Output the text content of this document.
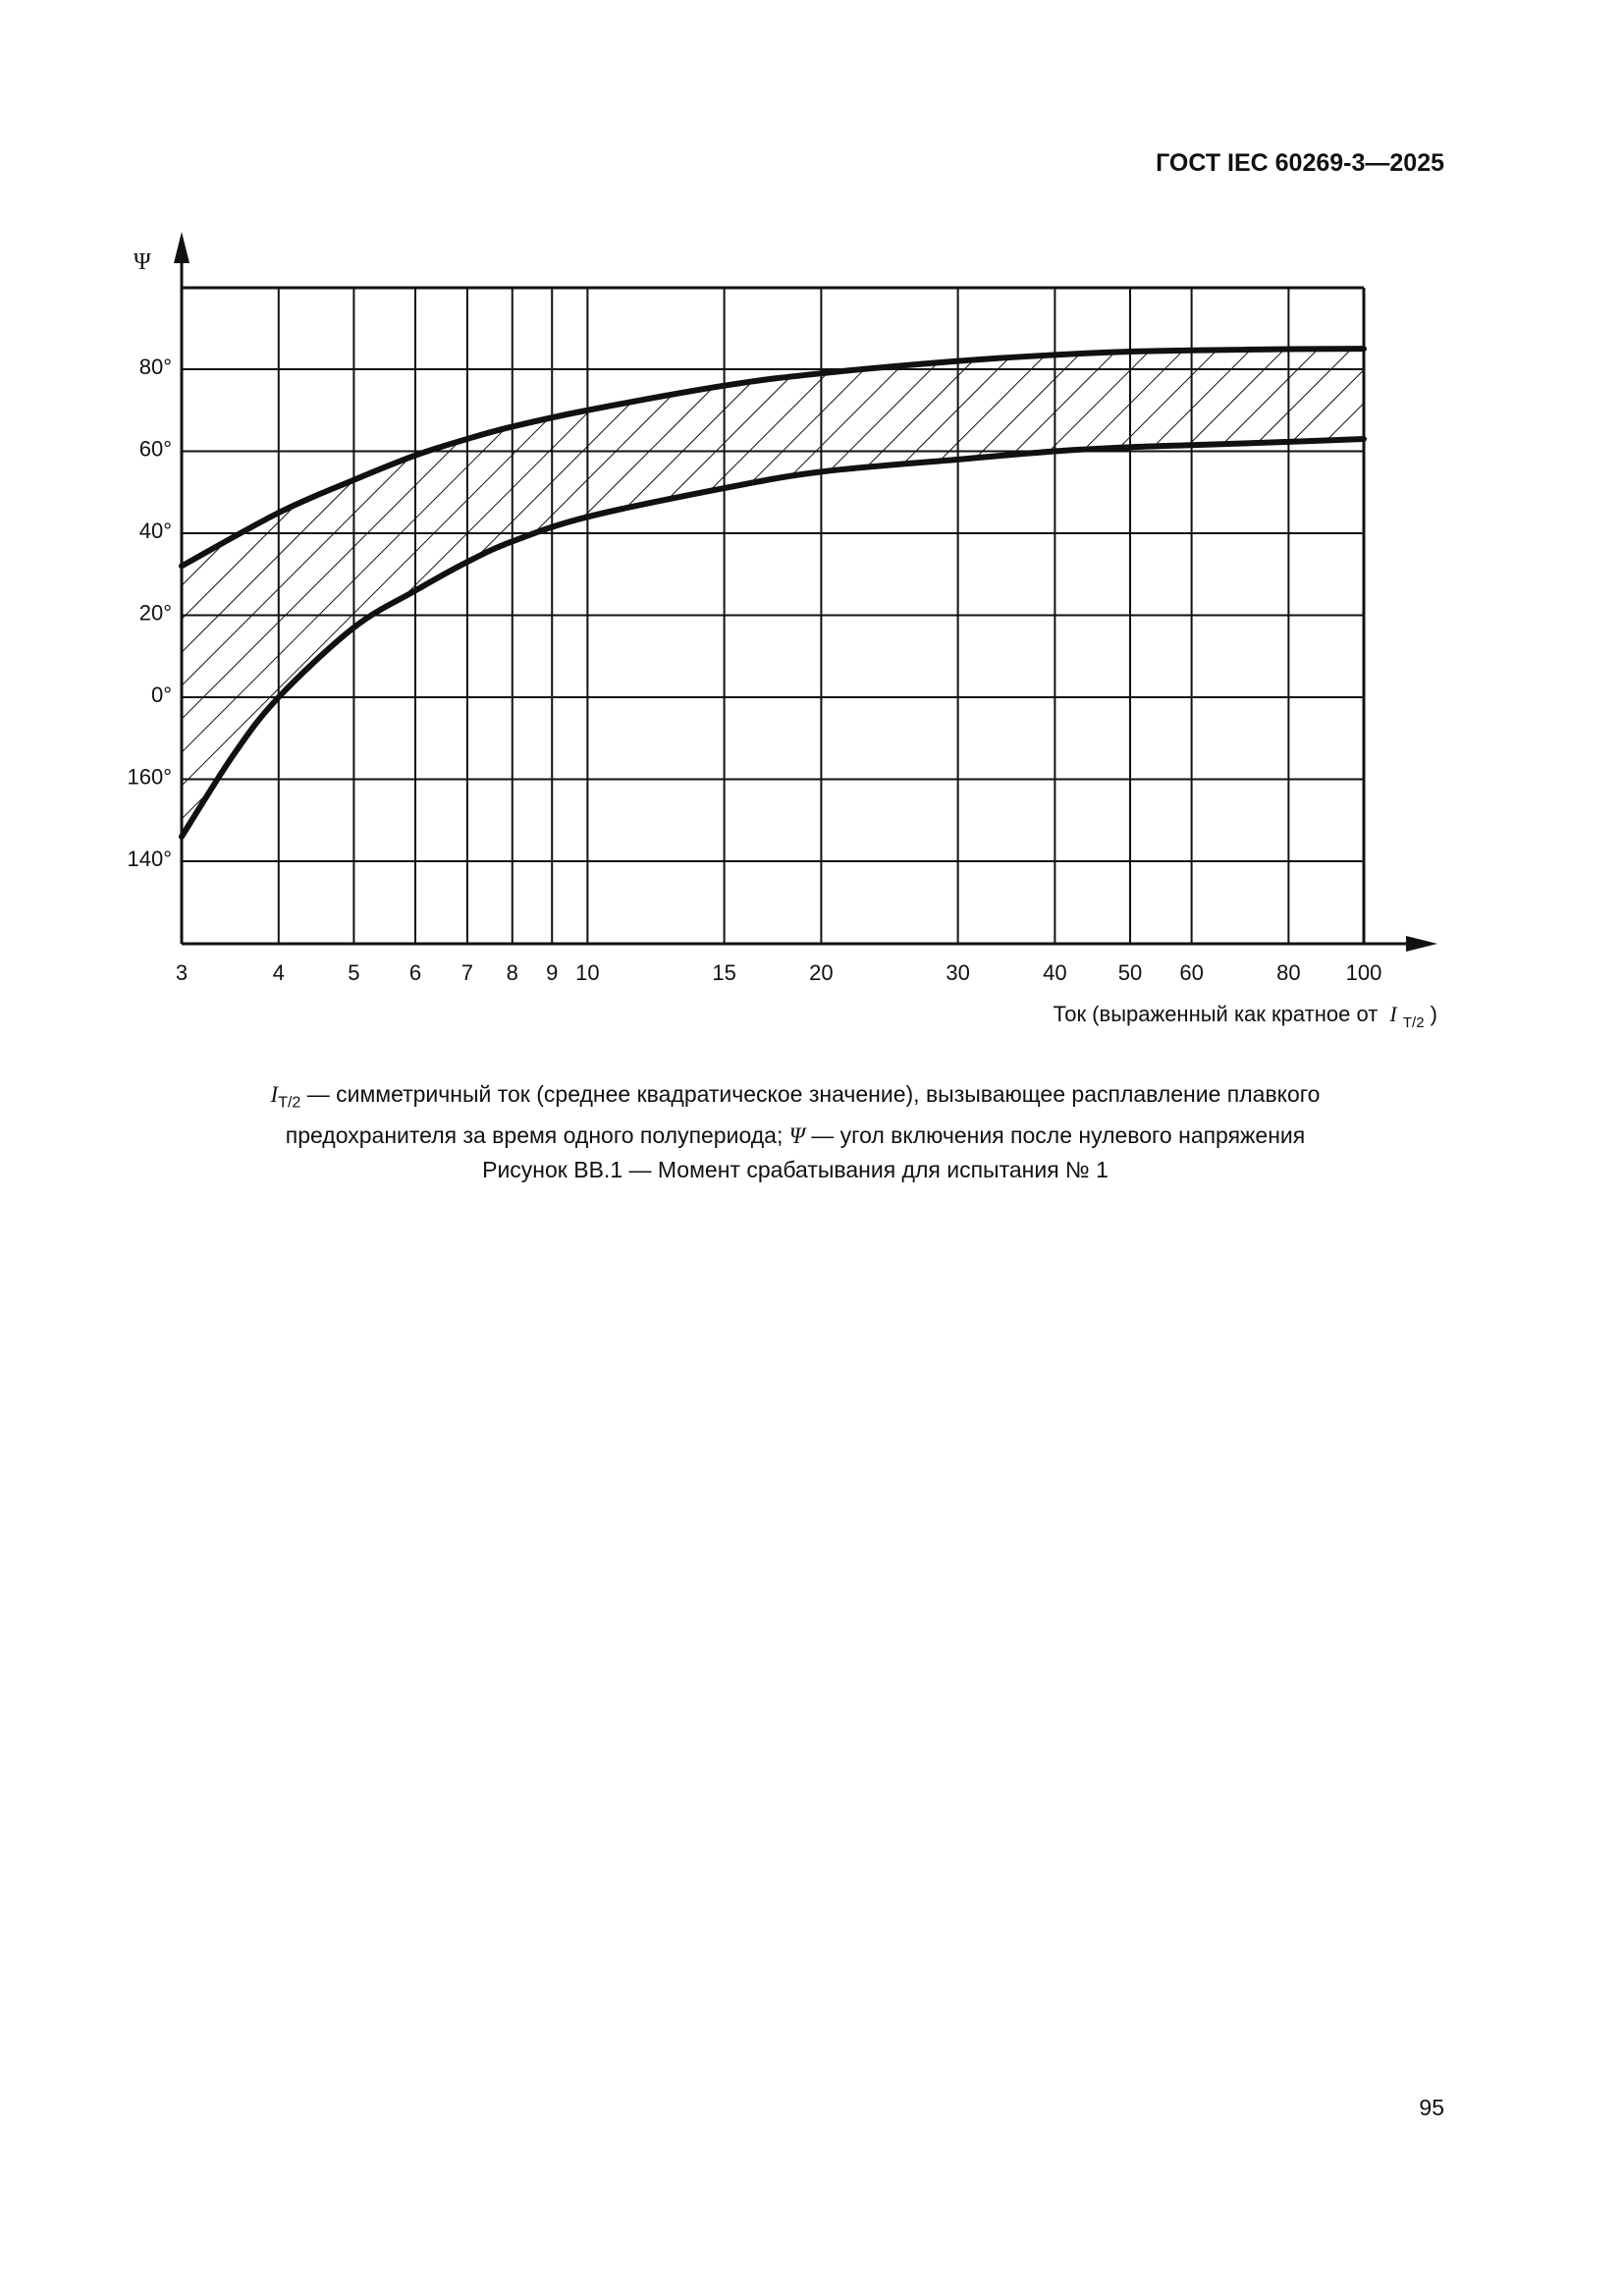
ГОСТ IEC 60269-3—2025
3	4	5 6 7 8 9 10	15	20	30	40 50 60	80 100
80°
60°
40°
20°
0°
160°
140°
Ψ
Ток (выраженный как кратное от I $_{T/2}$ )
$I_{T/2}$ — симметричный ток (среднее квадратическое значение), вызывающее расплавление плавкого
предохранителя за время одного полупериода; Ψ — угол включения после нулевого напряжения
Рисунок ВВ.1 — Момент срабатывания для испытания № 1
95
